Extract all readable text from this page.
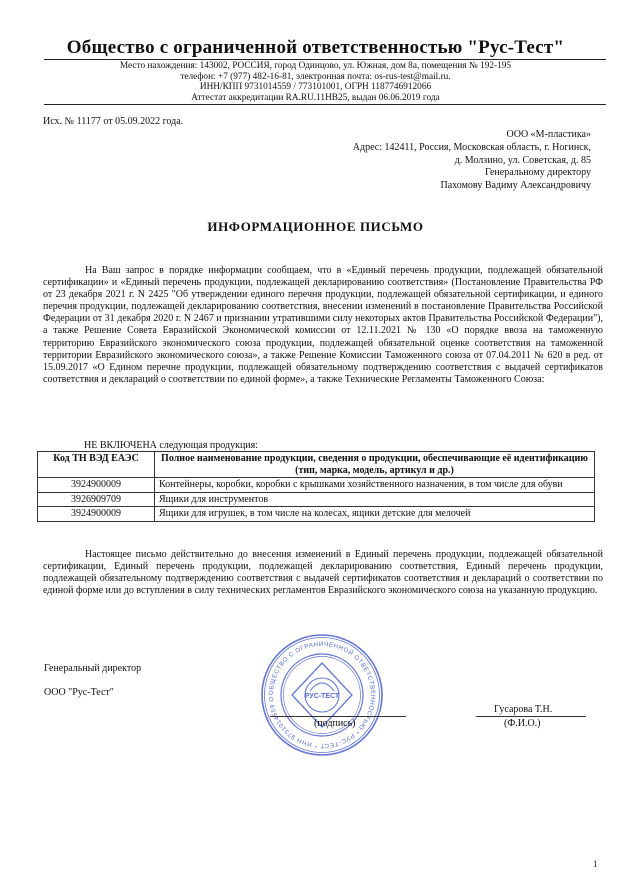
Общество с ограниченной ответственностью "Рус-Тест"
Место нахождения: 143002, РОССИЯ, город Одинцово, ул. Южная, дом 8а, помещения № 192-195
телефон: +7 (977) 482-16-81, электронная почта: os-rus-test@mail.ru.
ИНН/КПП 9731014559 / 773101001, ОГРН 1187746912066
Аттестат аккредитации RA.RU.11НВ25, выдан 06.06.2019 года
Исх. № 11177 от 05.09.2022 года.
ООО «М-пластика»
Адрес: 142411, Россия, Московская область, г. Ногинск,
д. Молзино, ул. Советская, д. 85
Генеральному директору
Пахомову Вадиму Александровичу
ИНФОРМАЦИОННОЕ ПИСЬМО
На Ваш запрос в порядке информации сообщаем, что в «Единый перечень продукции, подлежащей обязательной сертификации» и «Единый перечень продукции, подлежащей декларированию соответствия» (Постановление Правительства РФ от 23 декабря 2021 г. N 2425 "Об утверждении единого перечня продукции, подлежащей обязательной сертификации, и единого перечня продукции, подлежащей декларированию соответствия, внесении изменений в постановление Правительства Российской Федерации от 31 декабря 2020 г. N 2467 и признании утратившими силу некоторых актов Правительства Российской Федерации"), а также Решение Совета Евразийской Экономической комиссии от 12.11.2021 № 130 «О порядке ввоза на таможенную территорию Евразийского экономического союза продукции, подлежащей обязательной оценке соответствия на таможенной территории Евразийского экономического союза», а также Решение Комиссии Таможенного союза от 07.04.2011 № 620 в ред. от 15.09.2017 «О Едином перечне продукции, подлежащей обязательному подтверждению соответствия с выдачей сертификатов соответствия и деклараций о соответствии по единой форме», а также Технические Регламенты Таможенного Союза:
НЕ ВКЛЮЧЕНА следующая продукция:
Код ТН ВЭД ЕАЭС	Полное наименование продукции, сведения о продукции, обеспечивающие её идентификацию (тип, марка, модель, артикул и др.)
3924900009	Контейнеры, коробки, коробки с крышками хозяйственного назначения, в том числе для обуви
3926909709	Ящики для инструментов
3924900009	Ящики для игрушек, в том числе на колесах, ящики детские для мелочей
Настоящее письмо действительно до внесения изменений в Единый перечень продукции, подлежащей обязательной сертификации, Единый перечень продукции, подлежащей декларированию соответствия, Единый перечень продукции, подлежащей обязательному подтверждению соответствия с выдачей сертификатов соответствия и деклараций о соответствии по единой форме или до вступления в силу технических регламентов Евразийского экономического союза на указанную продукцию.
Генеральный директор
ООО "Рус-Тест"	ОБЩЕСТВО С ОГРАНИЧЕННОЙ ОТВЕТСТВЕННОСТЬЮ * РУС-ТЕСТ * ИНН 9731014559 О	РУС-ТЕСТ
(подпись)
Гусарова Т.Н.
(Ф.И.О.)
1
